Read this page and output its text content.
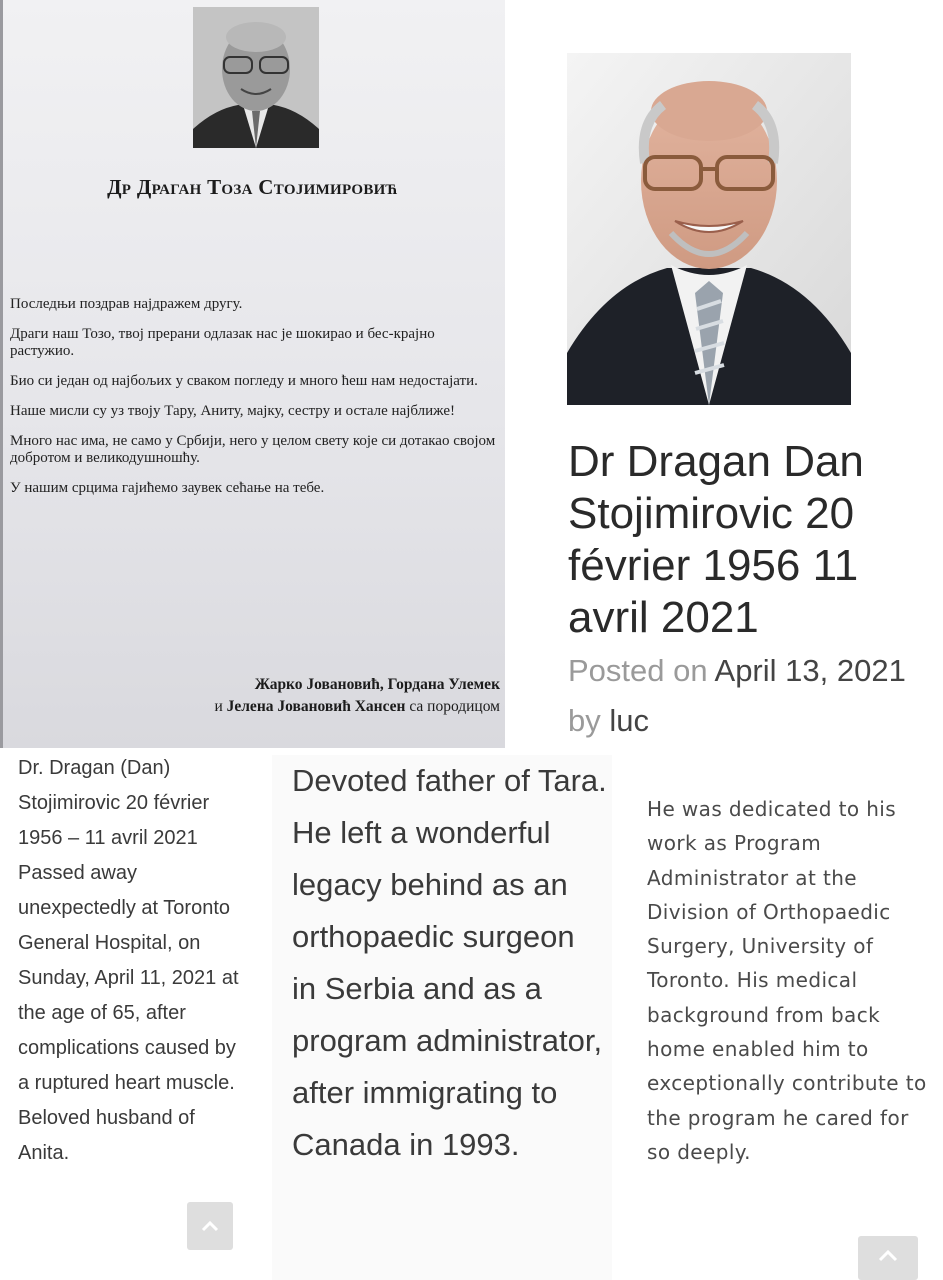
Др Драган Тоза Стојимировић

Последњи поздрав најдражем другу.

Драги наш Тозо, твој прерани одлазак нас је шокирао и бес-крајно растужио.

Био си један од најбољих у сваком погледу и много ћеш нам недостајати.

Наше мисли су уз твоју Тару, Аниту, мајку, сестру и остале најближе!

Много нас има, не само у Србији, него у целом свету које си дотакао својом добротом и великодушношћу.

У нашим срцима гајићемо заувек сећање на тебе.

Жарко Јовановић, Гордана Улемек
и Јелена Јовановић Хансен са породицом
Dr Dragan Dan Stojimirovic 20 février 1956 11 avril 2021
Posted on April 13, 2021 by luc

Dr. Dragan (Dan) Stojimirovic 20 février 1956 – 11 avril 2021 Passed away unexpectedly at Toronto General Hospital, on Sunday, April 11, 2021 at the age of 65, after complications caused by a ruptured heart muscle. Beloved husband of Anita.

Devoted father of Tara. He left a wonderful legacy behind as an orthopaedic surgeon in Serbia and as a program administrator, after immigrating to Canada in 1993.

He was dedicated to his work as Program Administrator at the Division of Orthopaedic Surgery, University of Toronto. His medical background from back home enabled him to exceptionally contribute to the program he cared for so deeply.
